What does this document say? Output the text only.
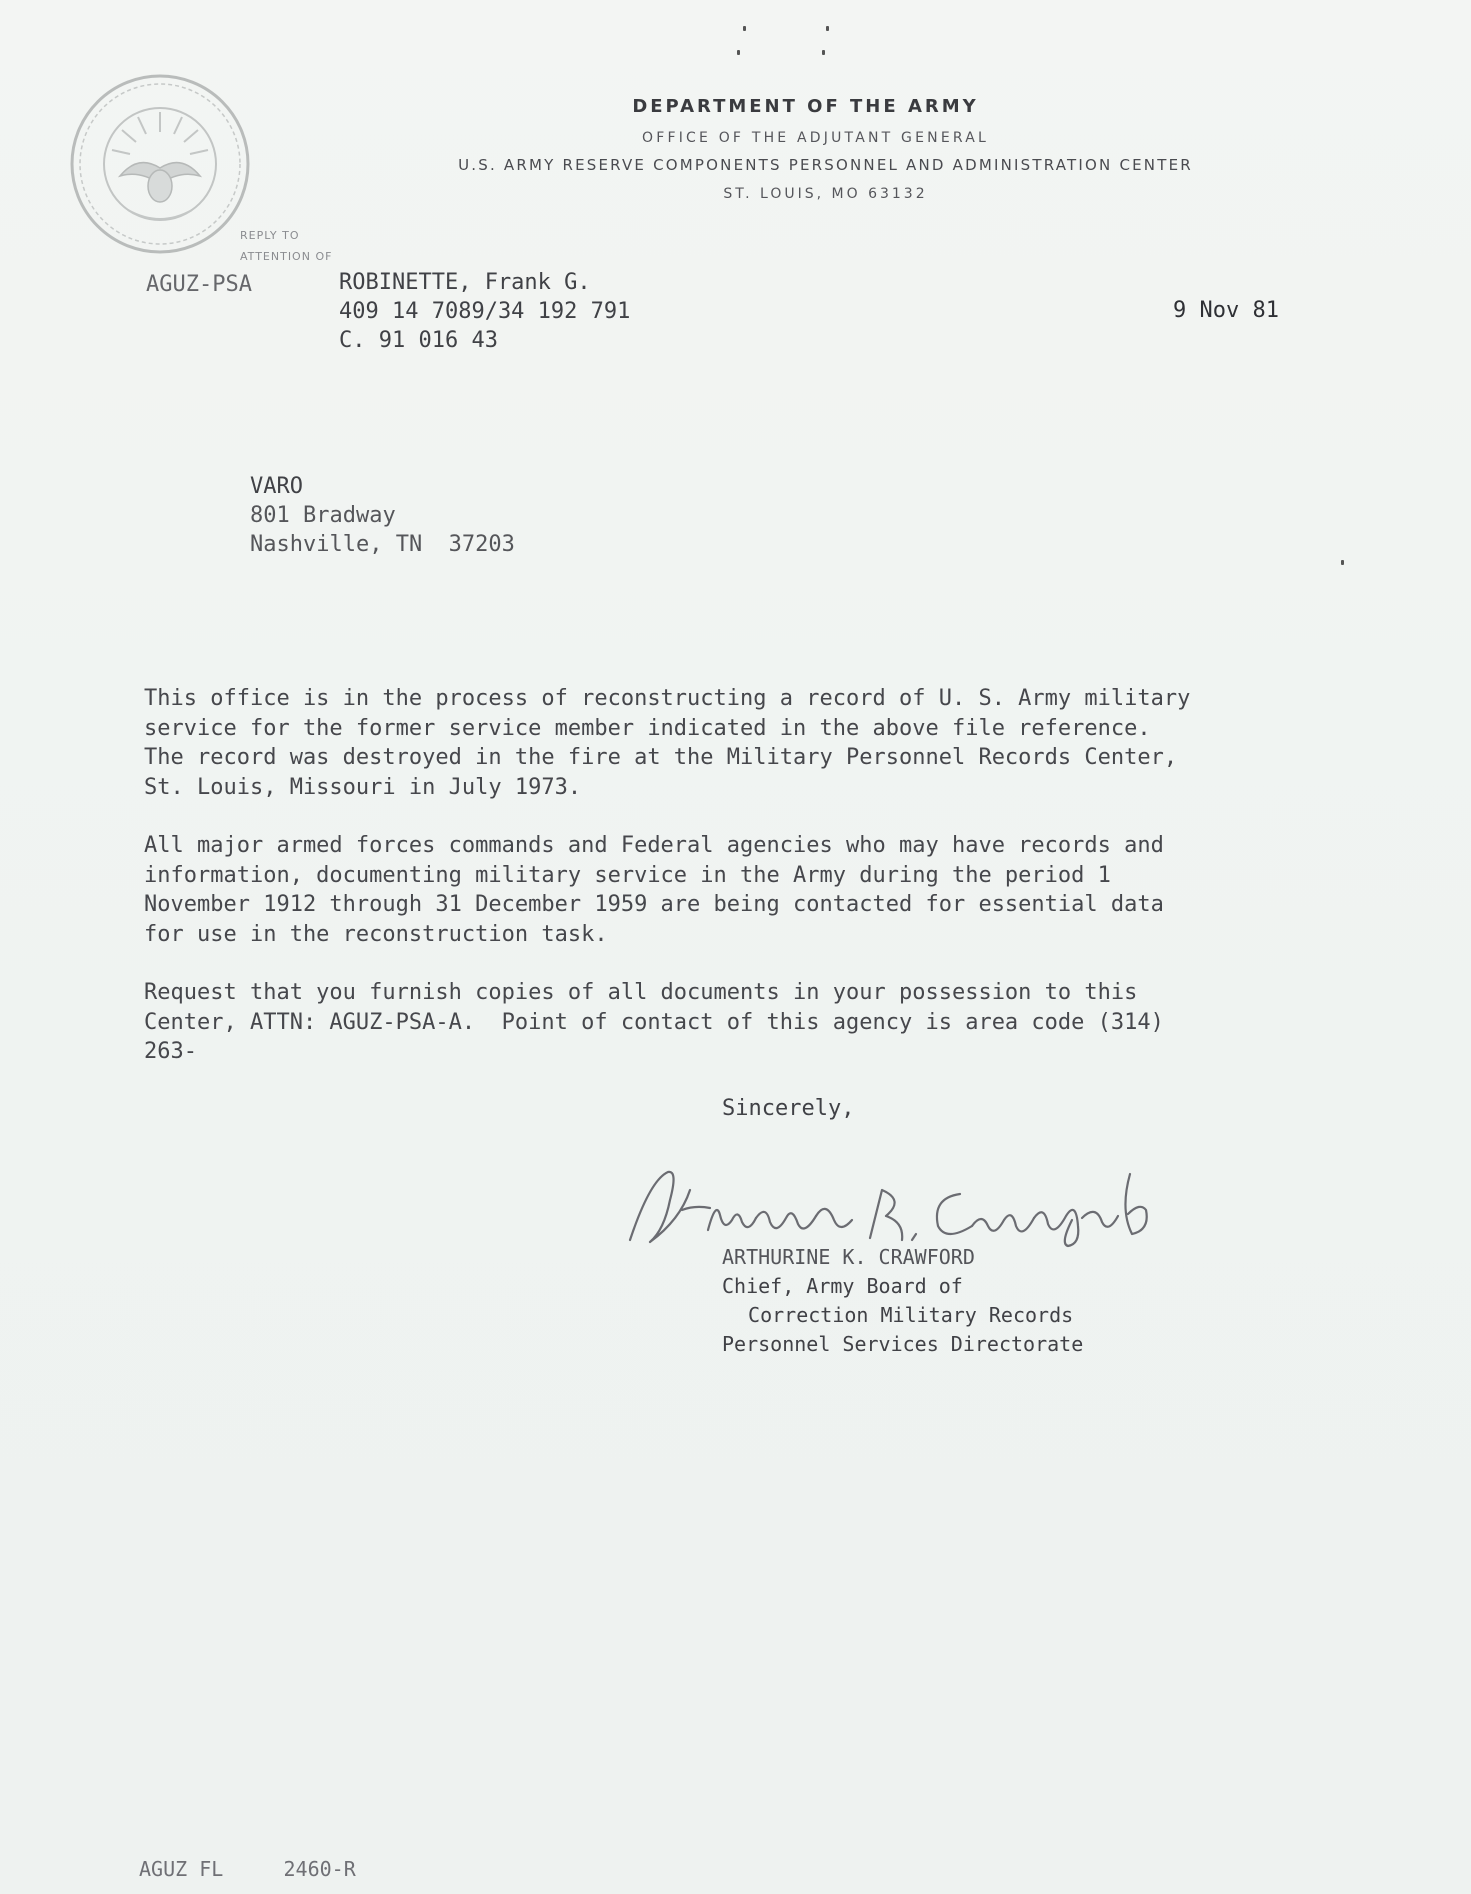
DEPARTMENT OF THE ARMY
OFFICE OF THE ADJUTANT GENERAL
U.S. ARMY RESERVE COMPONENTS PERSONNEL AND ADMINISTRATION CENTER
ST. LOUIS, MO 63132
REPLY TO
ATTENTION OF
AGUZ-PSA	ROBINETTE, Frank G.
409 14 7089/34 192 791
C. 91 016 43
9 Nov 81
VARO
801 Bradway
Nashville, TN  37203
This office is in the process of reconstructing a record of U. S. Army military
service for the former service member indicated in the above file reference.
The record was destroyed in the fire at the Military Personnel Records Center,
St. Louis, Missouri in July 1973.
All major armed forces commands and Federal agencies who may have records and
information, documenting military service in the Army during the period 1
November 1912 through 31 December 1959 are being contacted for essential data
for use in the reconstruction task.
Request that you furnish copies of all documents in your possession to this
Center, ATTN: AGUZ-PSA-A.  Point of contact of this agency is area code (314)
263-
Sincerely,
ARTHURINE K. CRAWFORD
Chief, Army Board of
Correction Military Records
Personnel Services Directorate
AGUZ FL     2460-R
